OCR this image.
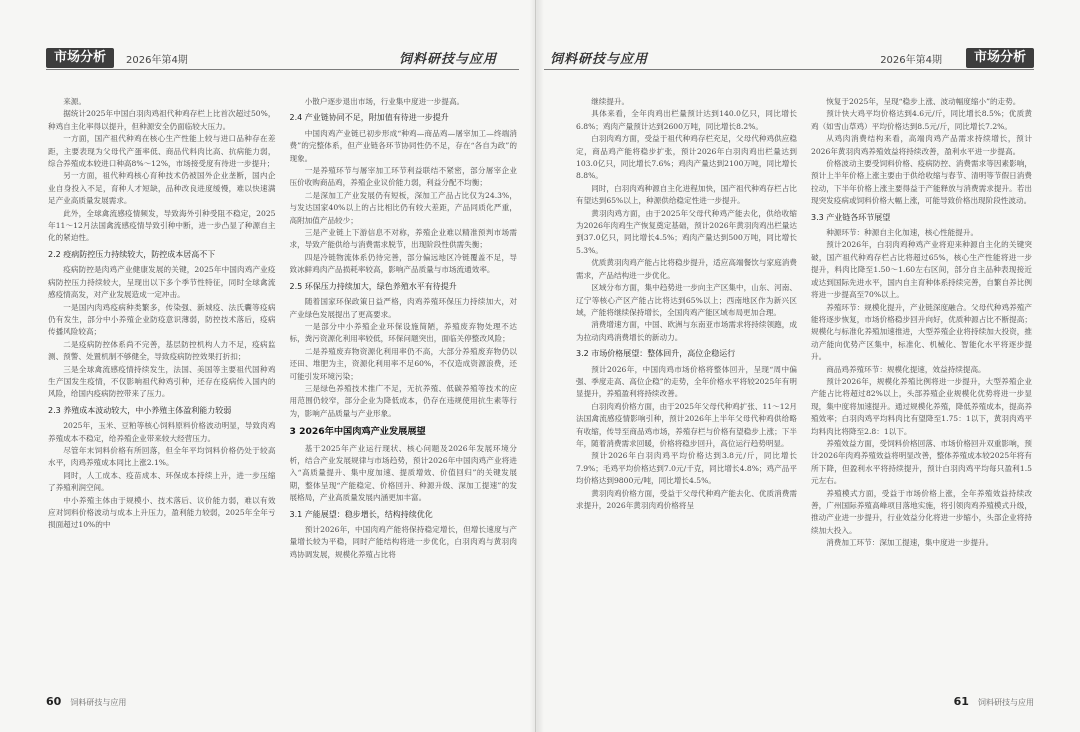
市场分析	2026年第4期	饲料研技与应用

来源。

据统计2025年中国白羽肉鸡祖代种鸡存栏上比首次超过50%，种鸡自主化率得以提升，但种源安全仍面临较大压力。

一方面，国产祖代种鸡在核心生产性能上较与进口品种存在差距，主要表现为父母代产蛋率低、商品代料肉比高、抗病能力弱，综合养殖成本较进口种高8%～12%，市场接受度有待进一步提升；

另一方面，祖代种鸡核心育种技术仍被国外企业垄断，国内企业自身投入不足，育种人才短缺，品种改良进度缓慢，难以快速满足产业高质量发展需求。

此外，全球禽流感疫情频发，导致海外引种受阻不稳定，2025年11～12月法国禽流感疫情导致引种中断，进一步凸显了种源自主化的紧迫性。

2.2 疫病防控压力持续较大，防控成本居高不下

疫病防控是肉鸡产业健康发展的关键，2025年中国肉鸡产业疫病防控压力持续较大，呈现出以下多个季节性特征，同时全球禽流感疫情高发，对产业发展造成一定冲击。

一是国内肉鸡疫病种类繁多，传染强、新城疫、法氏囊等疫病仍有发生，部分中小养殖企业防疫意识薄弱，防控技术落后，疫病传播风险较高；

二是疫病防控体系尚不完善，基层防控机构人力不足，疫病监测、预警、处置机制不够健全，导致疫病防控效果打折扣；

三是全球禽流感疫情持续发生，法国、美国等主要祖代国种鸡生产国发生疫情，不仅影响祖代种鸡引种，还存在疫病传入国内的风险，给国内疫病防控带来了压力。

2.3 养殖成本波动较大，中小养殖主体盈利能力较弱

2025年，玉米、豆粕等核心饲料原料价格波动明显，导致肉鸡养殖成本不稳定，给养殖企业带来较大经营压力。

尽管年末饲料价格有所回落，但全年平均饲料价格仍处于较高水平，肉鸡养殖成本同比上涨2.1%。

同时，人工成本、疫苗成本、环保成本持续上升，进一步压缩了养殖利润空间。

中小养殖主体由于规模小、技术落后、议价能力弱，难以有效应对饲料价格波动与成本上升压力，盈利能力较弱，2025年全年亏损面超过10%的中

小散户逐步退出市场，行业集中度进一步提高。

2.4 产业链协同不足，附加值有待进一步提升

中国肉鸡产业链已初步形成“种鸡—商品鸡—屠宰加工—终端消费”的完整体系，但产业链各环节协同性仍不足，存在“各自为政”的现象。

一是养殖环节与屠宰加工环节利益联结不紧密，部分屠宰企业压价收购商品鸡，养殖企业议价能力弱，利益分配不均衡；

二是深加工产业发展仍有短板，深加工产品占比仅为24.3%，与发达国家40%以上的占比相比仍有较大差距，产品同质化严重，高附加值产品较少；

三是产业链上下游信息不对称，养殖企业难以精准预判市场需求，导致产能供给与消费需求脱节，出现阶段性供需失衡；

四是冷链物流体系仍待完善，部分偏远地区冷链覆盖不足，导致冰鲜鸡肉产品损耗率较高，影响产品质量与市场流通效率。

2.5 环保压力持续加大，绿色养殖水平有待提升

随着国家环保政策日益严格，肉鸡养殖环保压力持续加大，对产业绿色发展提出了更高要求。

一是部分中小养殖企业环保设施简陋，养殖废弃物处理不达标，粪污资源化利用率较低，环保问题突出，面临关停整改风险；

二是养殖废弃物资源化利用率仍不高，大部分养殖废弃物仍以还田、堆肥为主，资源化利用率不足60%，不仅造成资源浪费，还可能引发环境污染；

三是绿色养殖技术推广不足，无抗养殖、低碳养殖等技术的应用范围仍较窄，部分企业为降低成本，仍存在违规使用抗生素等行为，影响产品质量与产业形象。

3 2026年中国肉鸡产业发展展望

基于2025年产业运行现状、核心问题及2026年发展环境分析，结合产业发展规律与市场趋势，预计2026年中国肉鸡产业将进入“高质量提升、集中度加速、提质增效、价值回归”的关键发展期，整体呈现“产能稳定、价格回升、种源升级、深加工提速”的发展格局，产业高质量发展内涵更加丰富。

3.1 产能展望：稳步增长，结构持续优化

预计2026年，中国肉鸡产能将保持稳定增长，但增长速度与产量增长较为平稳，同时产能结构将进一步优化，白羽肉鸡与黄羽肉鸡协调发展，规模化养殖占比将

60 饲料研技与应用
饲料研技与应用	2026年第4期	市场分析

继续提升。

具体来看，全年肉鸡出栏量预计达到140.0亿只，同比增长6.8%；鸡肉产量预计达到2600万吨，同比增长8.2%。

白羽肉鸡方面，受益于祖代种鸡存栏充足，父母代种鸡供应稳定，商品鸡产能将稳步扩张，预计2026年白羽肉鸡出栏量达到103.0亿只，同比增长7.6%；鸡肉产量达到2100万吨，同比增长8.8%。

同时，白羽肉鸡种源自主化进程加快，国产祖代种鸡存栏占比有望达到65%以上，种源供给稳定性进一步提升。

黄羽肉鸡方面，由于2025年父母代种鸡产能去化，供给收缩为2026年肉鸡生产恢复奠定基础，预计2026年黄羽肉鸡出栏量达到37.0亿只，同比增长4.5%；鸡肉产量达到500万吨，同比增长5.3%。

优质黄羽肉鸡产能占比将稳步提升，适应高端餐饮与家庭消费需求，产品结构进一步优化。

区域分布方面，集中趋势进一步向主产区集中，山东、河南、辽宁等核心产区产能占比将达到65%以上；西南地区作为新兴区域，产能将继续保持增长，全国肉鸡产能区域布局更加合理。

消费增速方面，中国、欧洲与东南亚市场需求将持续领跑，成为拉动肉鸡消费增长的新动力。

3.2 市场价格展望：整体回升，高位企稳运行

预计2026年，中国肉鸡市场价格将整体回升，呈现“周中偏强、季度走高、高位企稳”的走势，全年价格水平将较2025年有明显提升，养殖盈利将持续改善。

白羽肉鸡价格方面，由于2025年父母代种鸡扩张、11～12月法国禽流感疫情影响引种，预计2026年上半年父母代种鸡供给略有收缩，传导至商品鸡市场，养殖存栏与价格有望稳步上涨；下半年，随着消费需求回暖，价格将稳步回升，高位运行趋势明显。

预计2026年白羽肉鸡平均价格达到3.8元/斤，同比增长7.9%；毛鸡平均价格达到7.0元/千克，同比增长4.8%；鸡产品平均价格达到9800元/吨，同比增长4.5%。

黄羽肉鸡价格方面，受益于父母代种鸡产能去化、优质消费需求提升，2026年黄羽肉鸡价格将呈

恢复于2025年，呈现“稳步上涨、波动幅度缩小”的走势。

预计快大鸡平均价格达到4.6元/斤，同比增长8.5%；优质黄鸡（如雪山草鸡）平均价格达到8.5元/斤，同比增长7.2%。

从鸡肉消费结构来看，高端肉鸡产品需求持续增长，预计2026年黄羽肉鸡养殖效益将持续改善，盈利水平进一步提高。

价格波动主要受饲料价格、疫病防控、消费需求等因素影响，预计上半年价格上涨主要由于供给收缩与春节、清明等节假日消费拉动，下半年价格上涨主要得益于产能释放与消费需求提升。若出现突发疫病或饲料价格大幅上涨，可能导致价格出现阶段性波动。

3.3 产业链各环节展望

种源环节：种源自主化加速，核心性能提升。

预计2026年，白羽肉鸡种鸡产业将迎来种源自主化的关键突破，国产祖代种鸡存栏占比将超过65%，核心生产性能将进一步提升，料肉比降至1.50～1.60左右区间，部分自主品种表现接近或达到国际先进水平，国内自主育种体系持续完善，自繁自养比例将进一步提高至70%以上。

养殖环节：规模化提升，产业链深度融合。父母代种鸡养殖产能将逐步恢复，市场价格稳步回升向好，优质种源占比不断提高；规模化与标准化养殖加速推进，大型养殖企业将持续加大投资，推动产能向优势产区集中，标准化、机械化、智能化水平将逐步提升。

商品鸡养殖环节：规模化提速，效益持续提高。

预计2026年，规模化养殖比例将进一步提升，大型养殖企业产能占比将超过82%以上，头部养殖企业规模化优势将进一步显现，集中度将加速提升。通过规模化养殖，降低养殖成本，提高养殖效率；白羽肉鸡平均料肉比有望降至1.75：1以下，黄羽肉鸡平均料肉比将降至2.8：1以下。

养殖效益方面，受饲料价格回落、市场价格回升双重影响，预计2026年肉鸡养殖效益将明显改善，整体养殖成本较2025年将有所下降，但盈利水平将持续提升，预计白羽肉鸡平均每只盈利1.5元左右。

养殖模式方面，受益于市场价格上涨，全年养殖效益持续改善，广州国际养殖高峰项目落地实施，将引领肉鸡养殖模式升级，推动产业进一步提升，行业效益分化将进一步缩小，头部企业将持续加大投入。

消费加工环节：深加工提速，集中度进一步提升。

61 饲料研技与应用
